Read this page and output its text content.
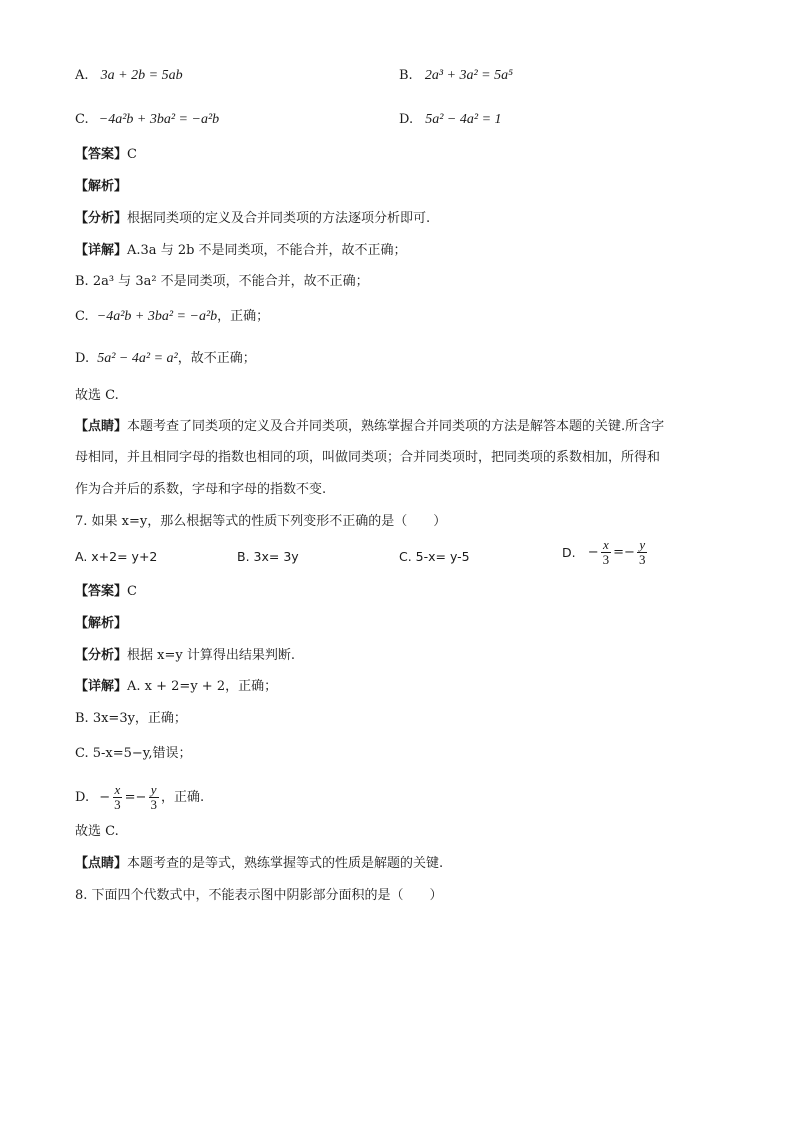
A. 3a + 2b = 5ab	B. 2a³ + 3a² = 5a⁵
C. −4a²b + 3ba² = −a²b	D. 5a² − 4a² = 1
【答案】C
【解析】
【分析】根据同类项的定义及合并同类项的方法逐项分析即可.
【详解】A.3a 与 2b 不是同类项，不能合并，故不正确；
B. 2a³ 与 3a² 不是同类项，不能合并，故不正确；
C. −4a²b + 3ba² = −a²b，正确；
D. 5a² − 4a² = a²，故不正确；
故选 C.
【点睛】本题考查了同类项的定义及合并同类项，熟练掌握合并同类项的方法是解答本题的关键.所含字
母相同，并且相同字母的指数也相同的项，叫做同类项；合并同类项时，把同类项的系数相加，所得和
作为合并后的系数，字母和字母的指数不变.
7. 如果 x=y，那么根据等式的性质下列变形不正确的是（　　）
A. x+2= y+2	B. 3x= 3y	C. 5-x= y-5	D. − $\frac{x}{3} =- \frac{y}{3}$
【答案】C
【解析】
【分析】根据 x=y 计算得出结果判断.
【详解】A. x + 2=y + 2，正确；
B. 3x=3y，正确；
C. 5-x=5−y,错误；
D. − $\frac{x}{3} =- \frac{y}{3}$ ，正确.
故选 C.
【点睛】本题考查的是等式，熟练掌握等式的性质是解题的关键.
8. 下面四个代数式中，不能表示图中阴影部分面积的是（　　）
